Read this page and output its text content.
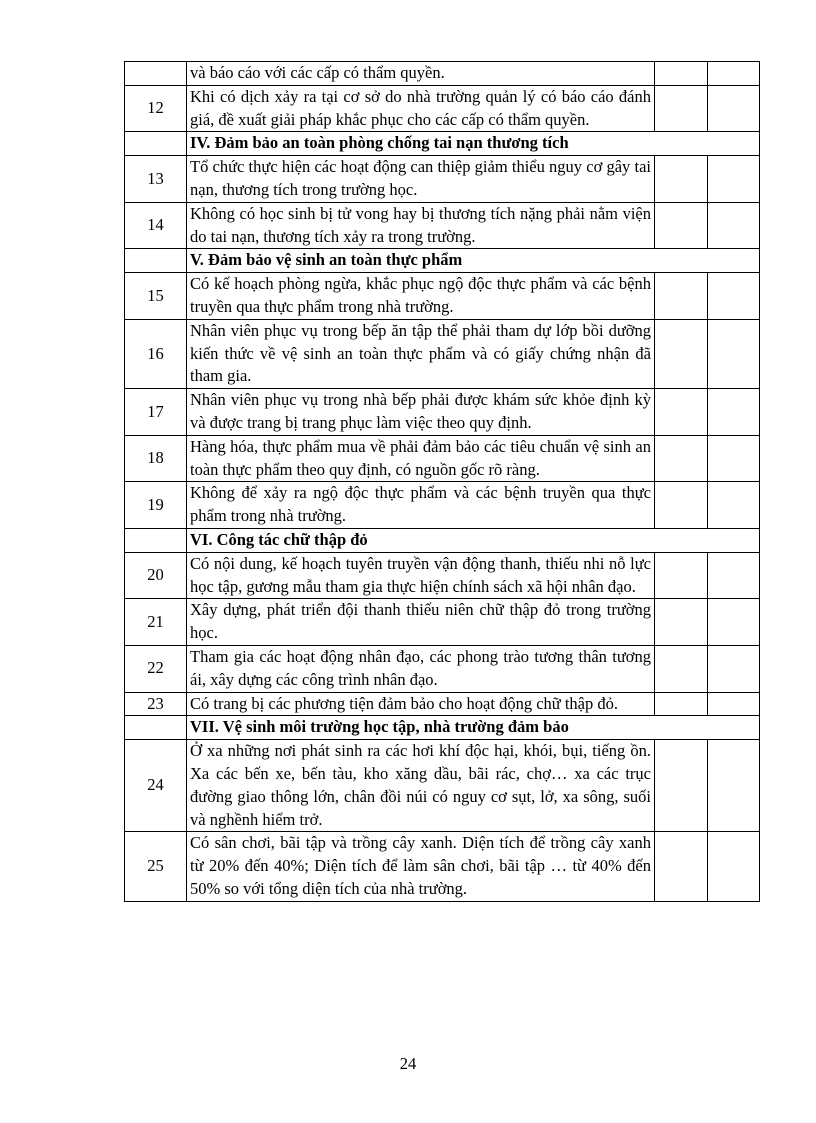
	và báo cáo với các cấp có thẩm quyền.		
12	Khi có dịch xảy ra tại cơ sở do nhà trường quản lý có báo cáo đánh giá, đề xuất giải pháp khắc phục cho các cấp có thẩm quyền.		
	IV. Đảm bảo an toàn phòng chống tai nạn thương tích		
13	Tổ chức thực hiện các hoạt động can thiệp giảm thiểu nguy cơ gây tai nạn, thương tích trong trường học.		
14	Không có học sinh bị tử vong hay bị thương tích nặng phải nằm viện do tai nạn, thương tích xảy ra trong trường.		
	V. Đảm bảo vệ sinh an toàn thực phẩm		
15	Có kế hoạch phòng ngừa, khắc phục ngộ độc thực phẩm và các bệnh truyền qua thực phẩm trong nhà trường.		
16	Nhân viên phục vụ trong bếp ăn tập thể phải tham dự lớp bồi dưỡng kiến thức về vệ sinh an toàn thực phẩm và có giấy chứng nhận đã tham gia.		
17	Nhân viên phục vụ trong nhà bếp phải được khám sức khỏe định kỳ và được trang bị trang phục làm việc theo quy định.		
18	Hàng hóa, thực phẩm mua về phải đảm bảo các tiêu chuẩn vệ sinh an toàn thực phẩm theo quy định, có nguồn gốc rõ ràng.		
19	Không để xảy ra ngộ độc thực phẩm và các bệnh truyền qua thực phẩm trong nhà trường.		
	VI. Công tác chữ thập đỏ		
20	Có nội dung, kế hoạch tuyên truyền vận động thanh, thiếu nhi nỗ lực học tập, gương mẫu tham gia thực hiện chính sách xã hội nhân đạo.		
21	Xây dựng, phát triển đội thanh thiếu niên chữ thập đỏ trong trường học.		
22	Tham gia các hoạt động nhân đạo, các phong trào tương thân tương ái, xây dựng các công trình nhân đạo.		
23	Có trang bị các phương tiện đảm bảo cho hoạt động chữ thập đỏ.		
	VII. Vệ sinh môi trường học tập, nhà trường đảm bảo		
24	Ở xa những nơi phát sinh ra các hơi khí độc hại, khói, bụi, tiếng ồn. Xa các bến xe, bến tàu, kho xăng dầu, bãi rác, chợ… xa các trục đường giao thông lớn, chân đồi núi có nguy cơ sụt, lở, xa sông, suối và nghềnh hiểm trở.		
25	Có sân chơi, bãi tập và trồng cây xanh. Diện tích để trồng cây xanh từ 20% đến 40%; Diện tích để làm sân chơi, bãi tập … từ 40% đến 50% so với tổng diện tích của nhà trường.		
24
